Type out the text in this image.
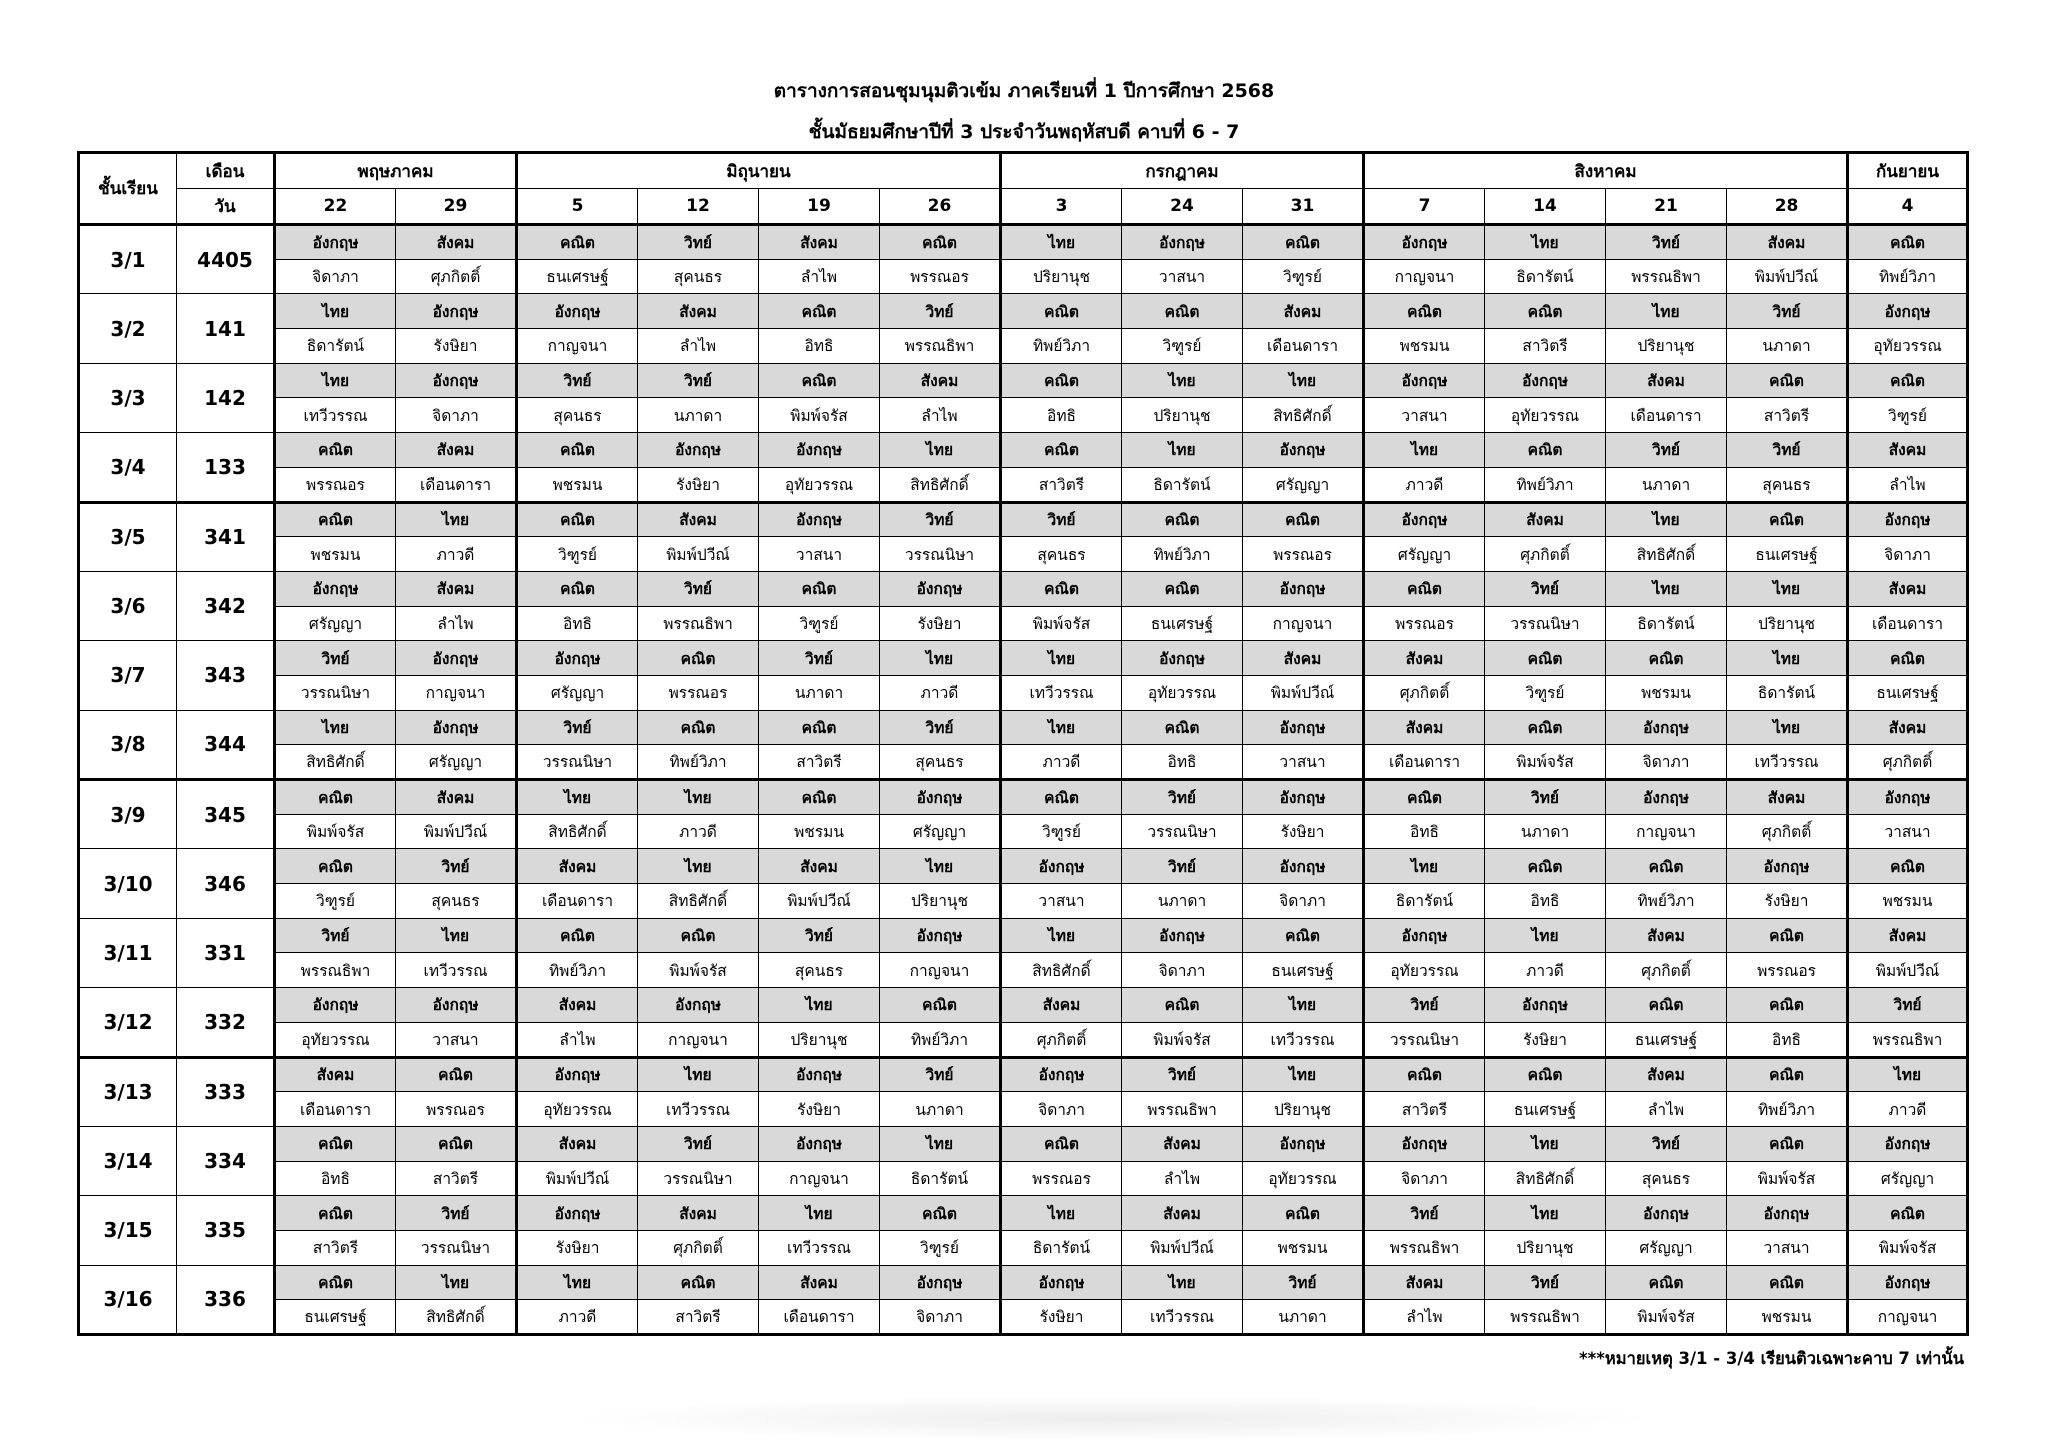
ตารางการสอนชุมนุมติวเข้ม ภาคเรียนที่ 1 ปีการศึกษา 2568
ชั้นมัธยมศึกษาปีที่ 3 ประจำวันพฤหัสบดี คาบที่ 6 - 7
ชั้นเรียน	เดือน	พฤษภาคม		มิถุนายน				กรกฎาคม			สิงหาคม				กันยายน
	วัน	22	29	5	12	19	26	3	24	31	7	14	21	28	4
3/1	4405	อังกฤษ	สังคม	คณิต	วิทย์	สังคม	คณิต	ไทย	อังกฤษ	คณิต	อังกฤษ	ไทย	วิทย์	สังคม	คณิต
		จิดาภา	ศุภกิตติ์	ธนเศรษฐ์	สุคนธร	ลำไพ	พรรณอร	ปริยานุช	วาสนา	วิฑูรย์	กาญจนา	ธิดารัตน์	พรรณธิพา	พิมพ์ปวีณ์	ทิพย์วิภา
3/2	141	ไทย	อังกฤษ	อังกฤษ	สังคม	คณิต	วิทย์	คณิต	คณิต	สังคม	คณิต	คณิต	ไทย	วิทย์	อังกฤษ
		ธิดารัตน์	รังษิยา	กาญจนา	ลำไพ	อิทธิ	พรรณธิพา	ทิพย์วิภา	วิฑูรย์	เดือนดารา	พชรมน	สาวิตรี	ปริยานุช	นภาดา	อุทัยวรรณ
3/3	142	ไทย	อังกฤษ	วิทย์	วิทย์	คณิต	สังคม	คณิต	ไทย	ไทย	อังกฤษ	อังกฤษ	สังคม	คณิต	คณิต
		เทวีวรรณ	จิดาภา	สุคนธร	นภาดา	พิมพ์จรัส	ลำไพ	อิทธิ	ปริยานุช	สิทธิศักดิ์	วาสนา	อุทัยวรรณ	เดือนดารา	สาวิตรี	วิฑูรย์
3/4	133	คณิต	สังคม	คณิต	อังกฤษ	อังกฤษ	ไทย	คณิต	ไทย	อังกฤษ	ไทย	คณิต	วิทย์	วิทย์	สังคม
		พรรณอร	เดือนดารา	พชรมน	รังษิยา	อุทัยวรรณ	สิทธิศักดิ์	สาวิตรี	ธิดารัตน์	ศรัญญา	ภาวดี	ทิพย์วิภา	นภาดา	สุคนธร	ลำไพ
3/5	341	คณิต	ไทย	คณิต	สังคม	อังกฤษ	วิทย์	วิทย์	คณิต	คณิต	อังกฤษ	สังคม	ไทย	คณิต	อังกฤษ
		พชรมน	ภาวดี	วิฑูรย์	พิมพ์ปวีณ์	วาสนา	วรรณนิษา	สุคนธร	ทิพย์วิภา	พรรณอร	ศรัญญา	ศุภกิตติ์	สิทธิศักดิ์	ธนเศรษฐ์	จิดาภา
3/6	342	อังกฤษ	สังคม	คณิต	วิทย์	คณิต	อังกฤษ	คณิต	คณิต	อังกฤษ	คณิต	วิทย์	ไทย	ไทย	สังคม
		ศรัญญา	ลำไพ	อิทธิ	พรรณธิพา	วิฑูรย์	รังษิยา	พิมพ์จรัส	ธนเศรษฐ์	กาญจนา	พรรณอร	วรรณนิษา	ธิดารัตน์	ปริยานุช	เดือนดารา
3/7	343	วิทย์	อังกฤษ	อังกฤษ	คณิต	วิทย์	ไทย	ไทย	อังกฤษ	สังคม	สังคม	คณิต	คณิต	ไทย	คณิต
		วรรณนิษา	กาญจนา	ศรัญญา	พรรณอร	นภาดา	ภาวดี	เทวีวรรณ	อุทัยวรรณ	พิมพ์ปวีณ์	ศุภกิตติ์	วิฑูรย์	พชรมน	ธิดารัตน์	ธนเศรษฐ์
3/8	344	ไทย	อังกฤษ	วิทย์	คณิต	คณิต	วิทย์	ไทย	คณิต	อังกฤษ	สังคม	คณิต	อังกฤษ	ไทย	สังคม
		สิทธิศักดิ์	ศรัญญา	วรรณนิษา	ทิพย์วิภา	สาวิตรี	สุคนธร	ภาวดี	อิทธิ	วาสนา	เดือนดารา	พิมพ์จรัส	จิดาภา	เทวีวรรณ	ศุภกิตติ์
3/9	345	คณิต	สังคม	ไทย	ไทย	คณิต	อังกฤษ	คณิต	วิทย์	อังกฤษ	คณิต	วิทย์	อังกฤษ	สังคม	อังกฤษ
		พิมพ์จรัส	พิมพ์ปวีณ์	สิทธิศักดิ์	ภาวดี	พชรมน	ศรัญญา	วิฑูรย์	วรรณนิษา	รังษิยา	อิทธิ	นภาดา	กาญจนา	ศุภกิตติ์	วาสนา
3/10	346	คณิต	วิทย์	สังคม	ไทย	สังคม	ไทย	อังกฤษ	วิทย์	อังกฤษ	ไทย	คณิต	คณิต	อังกฤษ	คณิต
		วิฑูรย์	สุคนธร	เดือนดารา	สิทธิศักดิ์	พิมพ์ปวีณ์	ปริยานุช	วาสนา	นภาดา	จิดาภา	ธิดารัตน์	อิทธิ	ทิพย์วิภา	รังษิยา	พชรมน
3/11	331	วิทย์	ไทย	คณิต	คณิต	วิทย์	อังกฤษ	ไทย	อังกฤษ	คณิต	อังกฤษ	ไทย	สังคม	คณิต	สังคม
		พรรณธิพา	เทวีวรรณ	ทิพย์วิภา	พิมพ์จรัส	สุคนธร	กาญจนา	สิทธิศักดิ์	จิดาภา	ธนเศรษฐ์	อุทัยวรรณ	ภาวดี	ศุภกิตติ์	พรรณอร	พิมพ์ปวีณ์
3/12	332	อังกฤษ	อังกฤษ	สังคม	อังกฤษ	ไทย	คณิต	สังคม	คณิต	ไทย	วิทย์	อังกฤษ	คณิต	คณิต	วิทย์
		อุทัยวรรณ	วาสนา	ลำไพ	กาญจนา	ปริยานุช	ทิพย์วิภา	ศุภกิตติ์	พิมพ์จรัส	เทวีวรรณ	วรรณนิษา	รังษิยา	ธนเศรษฐ์	อิทธิ	พรรณธิพา
3/13	333	สังคม	คณิต	อังกฤษ	ไทย	อังกฤษ	วิทย์	อังกฤษ	วิทย์	ไทย	คณิต	คณิต	สังคม	คณิต	ไทย
		เดือนดารา	พรรณอร	อุทัยวรรณ	เทวีวรรณ	รังษิยา	นภาดา	จิดาภา	พรรณธิพา	ปริยานุช	สาวิตรี	ธนเศรษฐ์	ลำไพ	ทิพย์วิภา	ภาวดี
3/14	334	คณิต	คณิต	สังคม	วิทย์	อังกฤษ	ไทย	คณิต	สังคม	อังกฤษ	อังกฤษ	ไทย	วิทย์	คณิต	อังกฤษ
		อิทธิ	สาวิตรี	พิมพ์ปวีณ์	วรรณนิษา	กาญจนา	ธิดารัตน์	พรรณอร	ลำไพ	อุทัยวรรณ	จิดาภา	สิทธิศักดิ์	สุคนธร	พิมพ์จรัส	ศรัญญา
3/15	335	คณิต	วิทย์	อังกฤษ	สังคม	ไทย	คณิต	ไทย	สังคม	คณิต	วิทย์	ไทย	อังกฤษ	อังกฤษ	คณิต
		สาวิตรี	วรรณนิษา	รังษิยา	ศุภกิตติ์	เทวีวรรณ	วิฑูรย์	ธิดารัตน์	พิมพ์ปวีณ์	พชรมน	พรรณธิพา	ปริยานุช	ศรัญญา	วาสนา	พิมพ์จรัส
3/16	336	คณิต	ไทย	ไทย	คณิต	สังคม	อังกฤษ	อังกฤษ	ไทย	วิทย์	สังคม	วิทย์	คณิต	คณิต	อังกฤษ
		ธนเศรษฐ์	สิทธิศักดิ์	ภาวดี	สาวิตรี	เดือนดารา	จิดาภา	รังษิยา	เทวีวรรณ	นภาดา	ลำไพ	พรรณธิพา	พิมพ์จรัส	พชรมน	กาญจนา
***หมายเหตุ 3/1 - 3/4 เรียนติวเฉพาะคาบ 7 เท่านั้น
